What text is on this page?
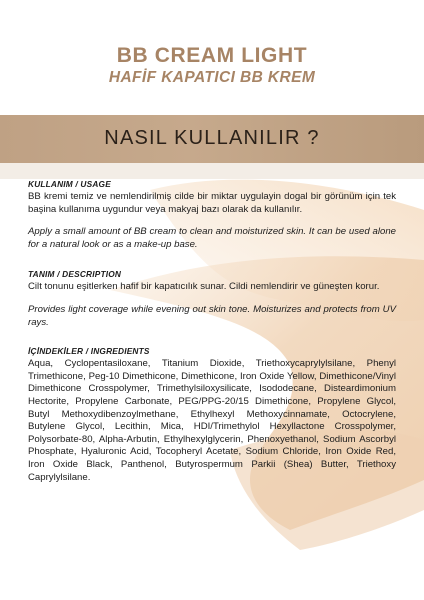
BB CREAM LIGHT
HAFİF KAPATICI BB KREM
NASIL KULLANILIR ?
KULLANIM / USAGE

BB kremi temiz ve nemlendirilmiş cilde bir miktar uygulayin dogal bir görünüm için tek başina kullanıma uygundur veya makyaj bazı olarak da kullanılır.

Apply a small amount of BB cream to clean and moisturized skin. It can be used alone for a natural look or as a make-up base.

TANIM / DESCRIPTION

Cilt tonunu eşitlerken hafif bir kapatıcılık sunar. Cildi nemlendirir ve güneşten korur.

Provides light coverage while evening out skin tone. Moisturizes and protects from UV rays.

İÇİNDEKİLER / INGREDIENTS

Aqua, Cyclopentasiloxane, Titanium Dioxide, Triethoxycaprylylsilane, Phenyl Trimethicone, Peg-10 Dimethicone, Dimethicone, Iron Oxide Yellow, Dimethicone/Vinyl Dimethicone Crosspolymer, Trimethylsiloxysilicate, Isododecane, Disteardimonium Hectorite, Propylene Carbonate, PEG/PPG-20/15 Dimethicone, Propylene Glycol, Butyl Methoxydibenzoylmethane, Ethylhexyl Methoxycinnamate, Octocrylene, Butylene Glycol, Lecithin, Mica, HDI/Trimethylol Hexyllactone Crosspolymer, Polysorbate-80, Alpha-Arbutin, Ethylhexylglycerin, Phenoxyethanol, Sodium Ascorbyl Phosphate, Hyaluronic Acid, Tocopheryl Acetate, Sodium Chloride, Iron Oxide Red, Iron Oxide Black, Panthenol, Butyrospermum Parkii (Shea) Butter, Triethoxy Caprylylsilane.
